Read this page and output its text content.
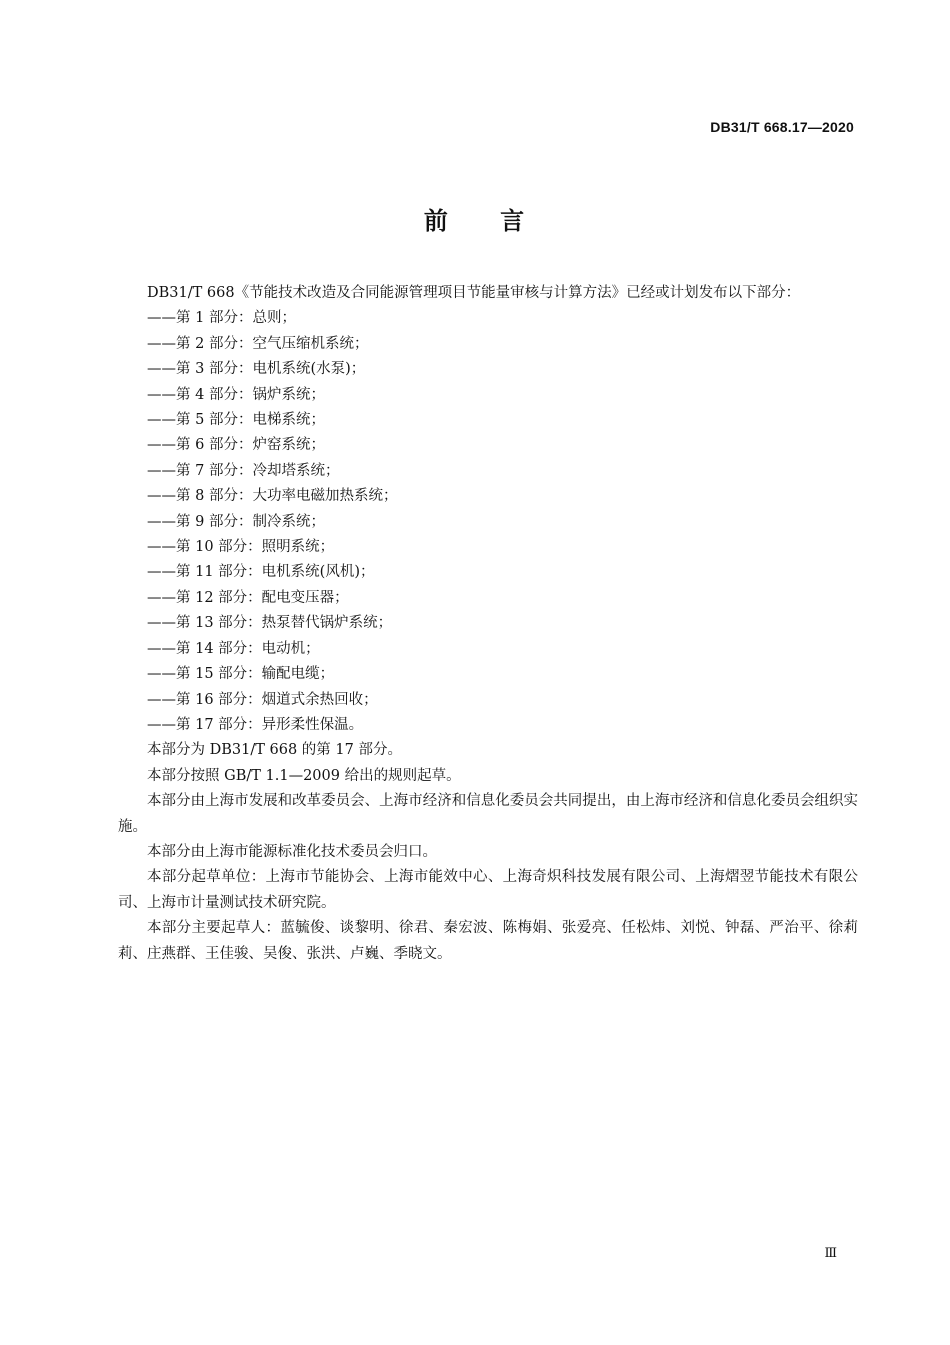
DB31/T 668.17—2020
前 言

DB31/T 668《节能技术改造及合同能源管理项目节能量审核与计算方法》已经或计划发布以下部分：

——第 1 部分：总则；

——第 2 部分：空气压缩机系统；

——第 3 部分：电机系统(水泵)；

——第 4 部分：锅炉系统；

——第 5 部分：电梯系统；

——第 6 部分：炉窑系统；

——第 7 部分：冷却塔系统；

——第 8 部分：大功率电磁加热系统；

——第 9 部分：制冷系统；

——第 10 部分：照明系统；

——第 11 部分：电机系统(风机)；

——第 12 部分：配电变压器；

——第 13 部分：热泵替代锅炉系统；

——第 14 部分：电动机；

——第 15 部分：输配电缆；

——第 16 部分：烟道式余热回收；

——第 17 部分：异形柔性保温。

本部分为 DB31/T 668 的第 17 部分。

本部分按照 GB/T 1.1—2009 给出的规则起草。

本部分由上海市发展和改革委员会、上海市经济和信息化委员会共同提出，由上海市经济和信息化委员会组织实施。

本部分由上海市能源标准化技术委员会归口。

本部分起草单位：上海市节能协会、上海市能效中心、上海奇炽科技发展有限公司、上海熠翌节能技术有限公司、上海市计量测试技术研究院。

本部分主要起草人：蓝毓俊、谈黎明、徐君、秦宏波、陈梅娟、张爱亮、任松炜、刘悦、钟磊、严治平、徐莉莉、庄燕群、王佳骏、吴俊、张洪、卢巍、季晓文。

Ⅲ
